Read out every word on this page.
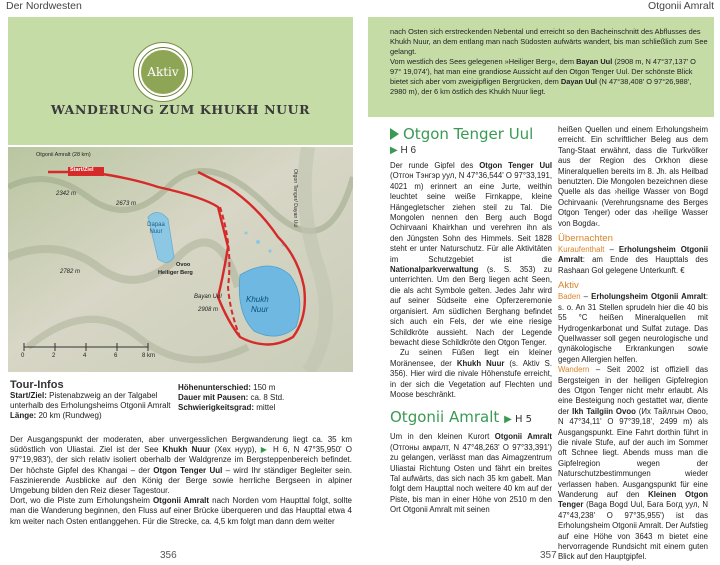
Der Nordwesten
Aktiv
WANDERUNG ZUM KHUKH NUUR
Start/Ziel
Otgonii Amralt (28 km)
Otgon Tenger/ Dayan Uul
2342 m
2673 m
2782 m
Dapaa Nuur
Ovoo
Heiliger Berg
Bayan Uul
2908 m
Khukh
Nuur
0	2	4	6	8 km
Tour-Infos
Start/Ziel: Pistenabzweig an der Talgabel unterhalb des Erholungsheims Otgonii Amralt
Länge: 20 km (Rundweg)
Höhenunterschied: 150 m
Dauer mit Pausen: ca. 8 Std.
Schwierigkeitsgrad: mittel

Der Ausgangspunkt der moderaten, aber unvergesslichen Bergwanderung liegt ca. 35 km südöstlich von Uliastai. Ziel ist der See Khukh Nuur (Хөх нуур), ▶ H 6, N 47°35,950' O 97°19,983'), der sich relativ isoliert oberhalb der Waldgrenze im Bergsteppenbereich befindet. Der höchste Gipfel des Khangai – der Otgon Tenger Uul – wird Ihr ständiger Begleiter sein. Faszinierende Ausblicke auf den König der Berge sowie herrliche Bergseen in alpiner Umgebung bilden den Reiz dieser Tagestour.

Dort, wo die Piste zum Erholungsheim Otgonii Amralt nach Norden vom Haupttal folgt, sollte man die Wanderung beginnen, den Fluss auf einer Brücke überqueren und das Haupttal etwa 4 km weiter nach Osten entlanggehen. Für die Strecke, ca. 4,5 km folgt man dann dem weiter

356
Otgonii Amralt
nach Osten sich erstreckenden Nebental und erreicht so den Bacheinschnitt des Abflusses des Khukh Nuur, an dem entlang man nach Südosten aufwärts wandert, bis man schließlich zum See gelangt.
Vom westlich des Sees gelegenen »Heiliger Berg«, dem Bayan Uul (2908 m, N 47°37,137' O 97° 19,074'), hat man eine grandiose Aussicht auf den Otgon Tenger Uul. Der schönste Blick bietet sich aber vom zweigipfligen Bergrücken, dem Dayan Uul (N 47°38,408' O 97°26,988', 2980 m), der 6 km östlich des Khukh Nuur liegt.
Otgon Tenger Uul
▶ H 6

Der runde Gipfel des Otgon Tenger Uul (Отгон Тэнгэр уул, N 47°36,544' O 97°33,191, 4021 m) erinnert an eine Jurte, weithin leuchtet seine weiße Firnkappe, kleine Hängegletscher ziehen steil zu Tal. Die Mongolen nennen den Berg auch Bogd Ochirvaani Khairkhan und verehren ihn als den Jüngsten Sohn des Himmels. Seit 1828 steht er unter Naturschutz. Für alle Aktivitäten im Schutzgebiet ist die Nationalparkverwaltung (s. S. 353) zu unterrichten. Um den Berg liegen acht Seen, die als acht Symbole gelten. Jedes Jahr wird auf seiner Südseite eine Opferzeremonie organisiert. Am südlichen Berghang befindet sich auch ein Fels, der wie eine riesige Schildkröte aussieht. Nach der Legende bewacht diese Schildkröte den Otgon Tenger.

Zu seinen Füßen liegt ein kleiner Moränensee, der Khukh Nuur (s. Aktiv S. 356). Hier wird die nivale Höhenstufe erreicht, in der sich die Vegetation auf Flechten und Moose beschränkt.

Otgonii Amralt ▶ H 5

Um in den kleinen Kurort Otgonii Amralt (Отгоны амралт, N 47°48,263' O 97°33,391') zu gelangen, verlässt man das Aimagzentrum Uliastai Richtung Osten und fährt ein breites Tal aufwärts, das sich nach 35 km gabelt. Man folgt dem Haupttal noch weitere 40 km auf der Piste, bis man in einer Höhe von 2510 m den Ort Otgonii Amralt mit seinen

heißen Quellen und einem Erholungsheim erreicht. Ein schriftlicher Beleg aus dem Tang-Staat erwähnt, dass die Turkvölker aus der Region des Orkhon diese Mineralquellen bereits im 8. Jh. als Heilbad benutzten. Die Mongolen bezeichnen diese Quelle als das ›heilige Wasser von Bogd Ochirvaani‹ (Verehrungsname des Berges Otgon Tenger) oder das ›heilige Wasser von Bogda‹.

Übernachten

Kuraufenthalt – Erholungsheim Otgonii Amralt: am Ende des Haupttals des Rashaan Gol gelegene Unterkunft. €

Aktiv

Baden – Erholungsheim Otgonii Amralt: s. o. An 31 Stellen sprudeln hier die 40 bis 55 °C heißen Mineralquellen mit Hydrogenkarbonat und Sulfat zutage. Das Quellwasser soll gegen neurologische und gynäkologische Erkrankungen sowie gegen Allergien helfen.

Wandern – Seit 2002 ist offiziell das Bergsteigen in der heiligen Gipfelregion des Otgon Tenger nicht mehr erlaubt. Als eine Besteigung noch gestattet war, diente der Ikh Tailgiin Ovoo (Их Тайлгын Овоо, N 47°34,11' O 97°39,18', 2499 m) als Ausgangspunkt. Eine Fahrt dorthin führt in die nivale Stufe, auf der auch im Sommer oft Schnee liegt. Abends muss man die Gipfelregion wegen der Naturschutzbestimmungen wieder verlassen haben. Ausgangspunkt für eine Wanderung auf den Kleinen Otgon Tenger (Baga Bogd Uul, Бага Богд уул, N 47°43,238' O 97°35,955') ist das Erholungsheim Otgonii Amralt. Der Aufstieg auf eine Höhe von 3643 m bietet eine hervorragende Rundsicht mit einem guten Blick auf den Hauptgipfel.

357
